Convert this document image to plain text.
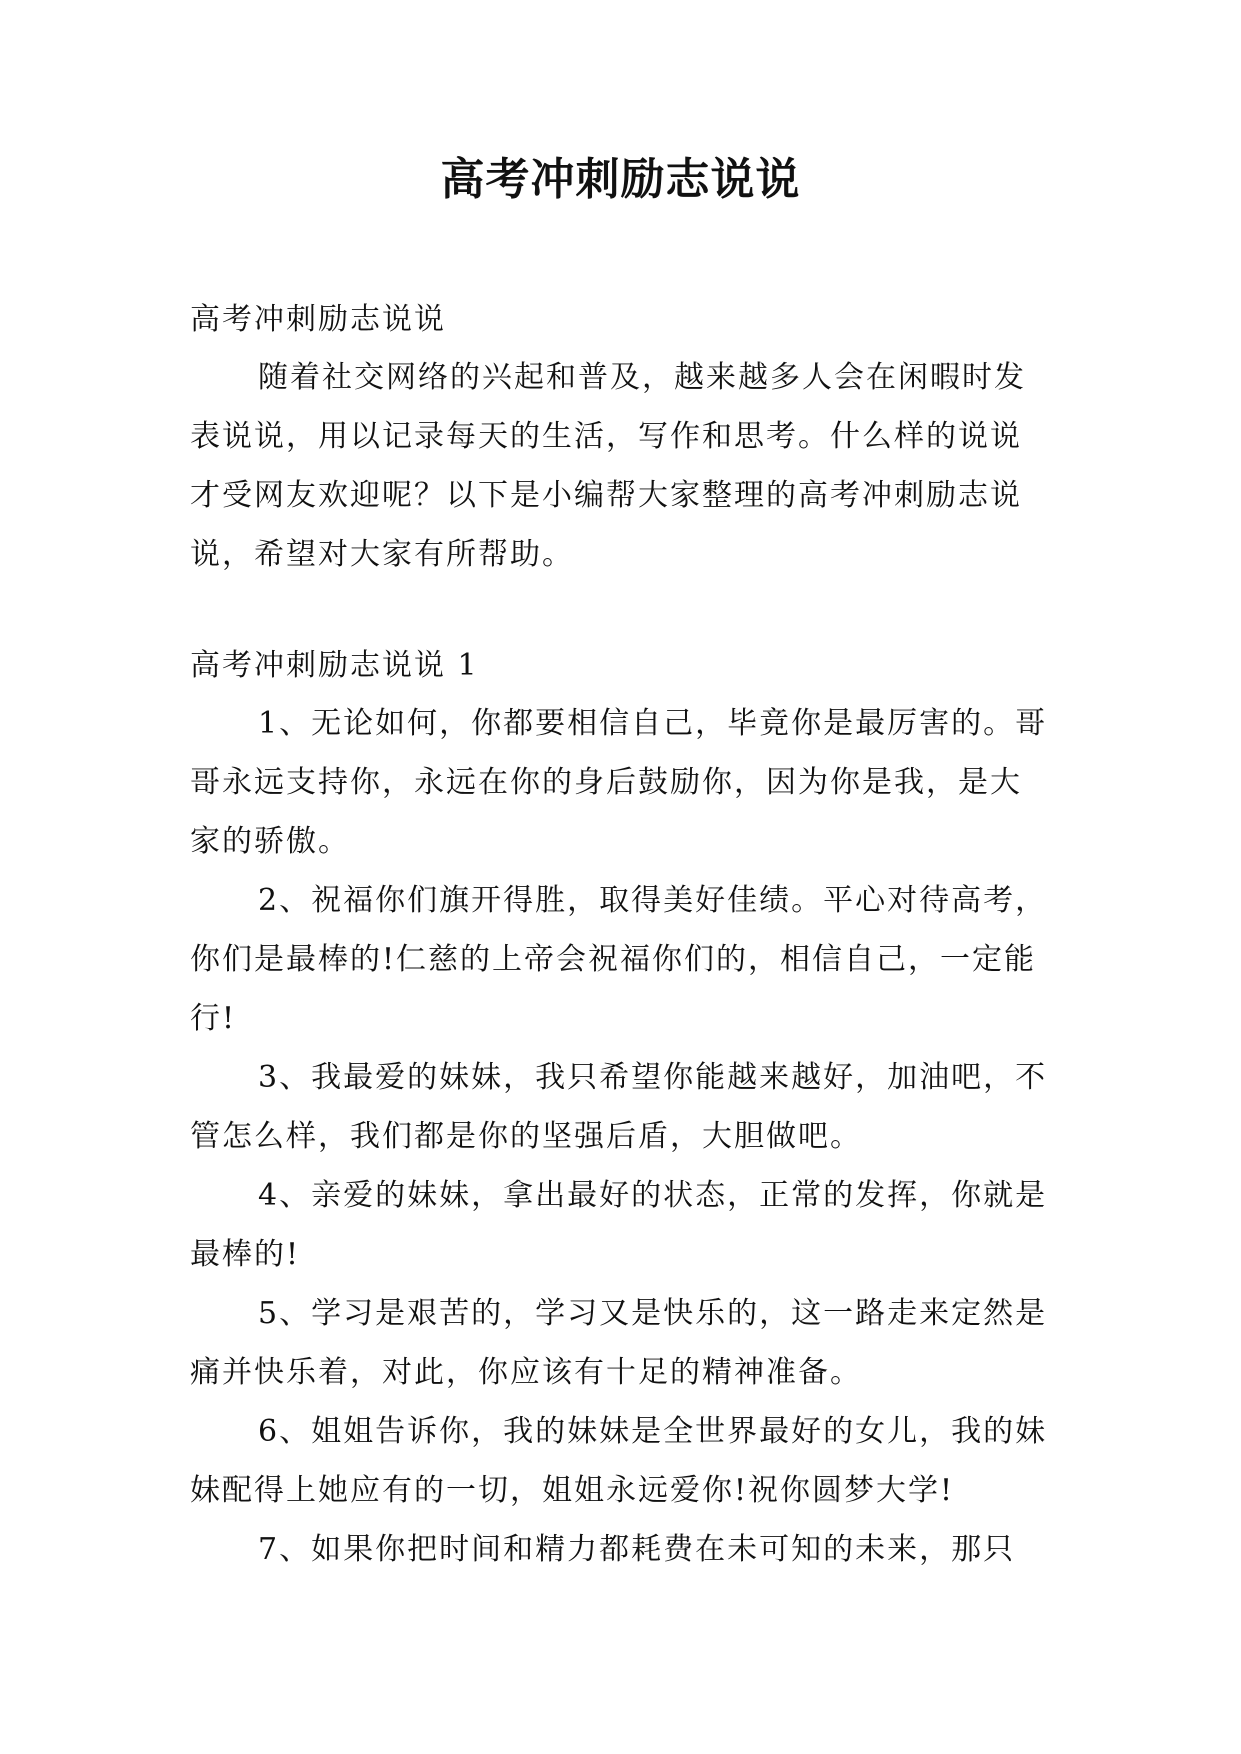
高考冲刺励志说说

高考冲刺励志说说

随着社交网络的兴起和普及，越来越多人会在闲暇时发表说说，用以记录每天的生活，写作和思考。什么样的说说才受网友欢迎呢？以下是小编帮大家整理的高考冲刺励志说说，希望对大家有所帮助。

高考冲刺励志说说 1

1、无论如何，你都要相信自己，毕竟你是最厉害的。哥哥永远支持你，永远在你的身后鼓励你，因为你是我，是大家的骄傲。

2、祝福你们旗开得胜，取得美好佳绩。平心对待高考，你们是最棒的!仁慈的上帝会祝福你们的，相信自己，一定能行!

3、我最爱的妹妹，我只希望你能越来越好，加油吧，不管怎么样，我们都是你的坚强后盾，大胆做吧。

4、亲爱的妹妹，拿出最好的状态，正常的发挥，你就是最棒的!

5、学习是艰苦的，学习又是快乐的，这一路走来定然是痛并快乐着，对此，你应该有十足的精神准备。

6、姐姐告诉你，我的妹妹是全世界最好的女儿，我的妹妹配得上她应有的一切，姐姐永远爱你!祝你圆梦大学!

7、如果你把时间和精力都耗费在未可知的未来，那只
